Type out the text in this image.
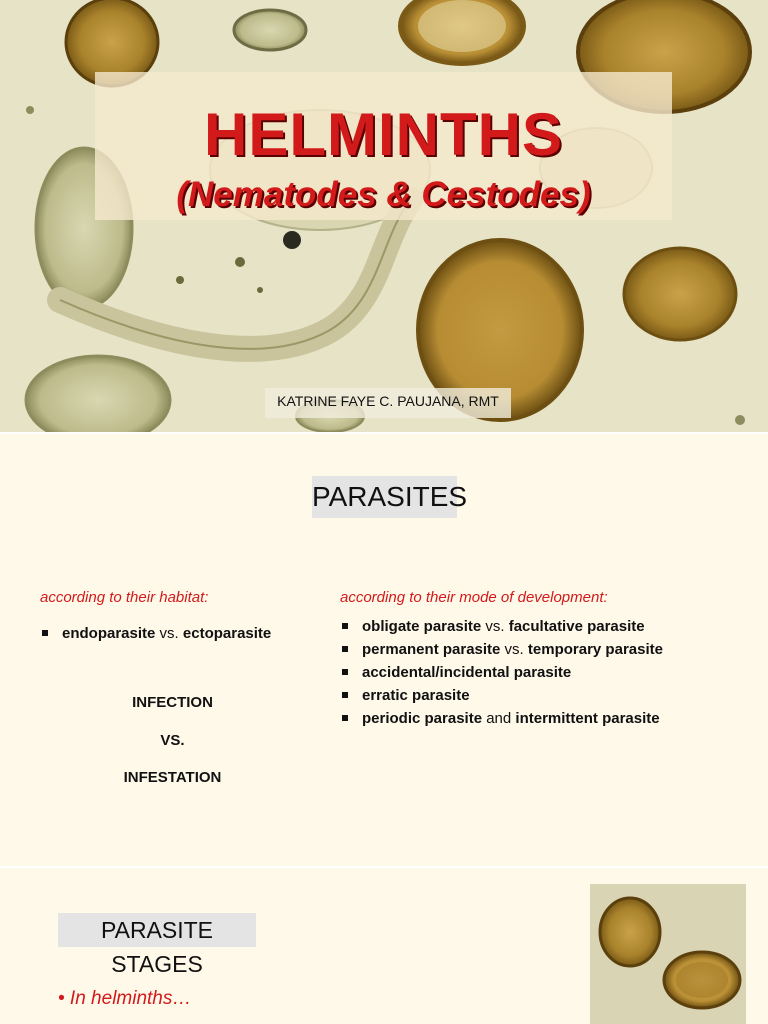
HELMINTHS
(Nematodes & Cestodes)
KATRINE FAYE C. PAUJANA, RMT
PARASITES
according to their habitat:
endoparasite vs. ectoparasite
INFECTION
VS.
INFESTATION
according to their mode of development:
obligate parasite vs. facultative parasite
permanent parasite vs. temporary parasite
accidental/incidental parasite
erratic parasite
periodic parasite and intermittent parasite
PARASITE STAGES
• In helminths…
